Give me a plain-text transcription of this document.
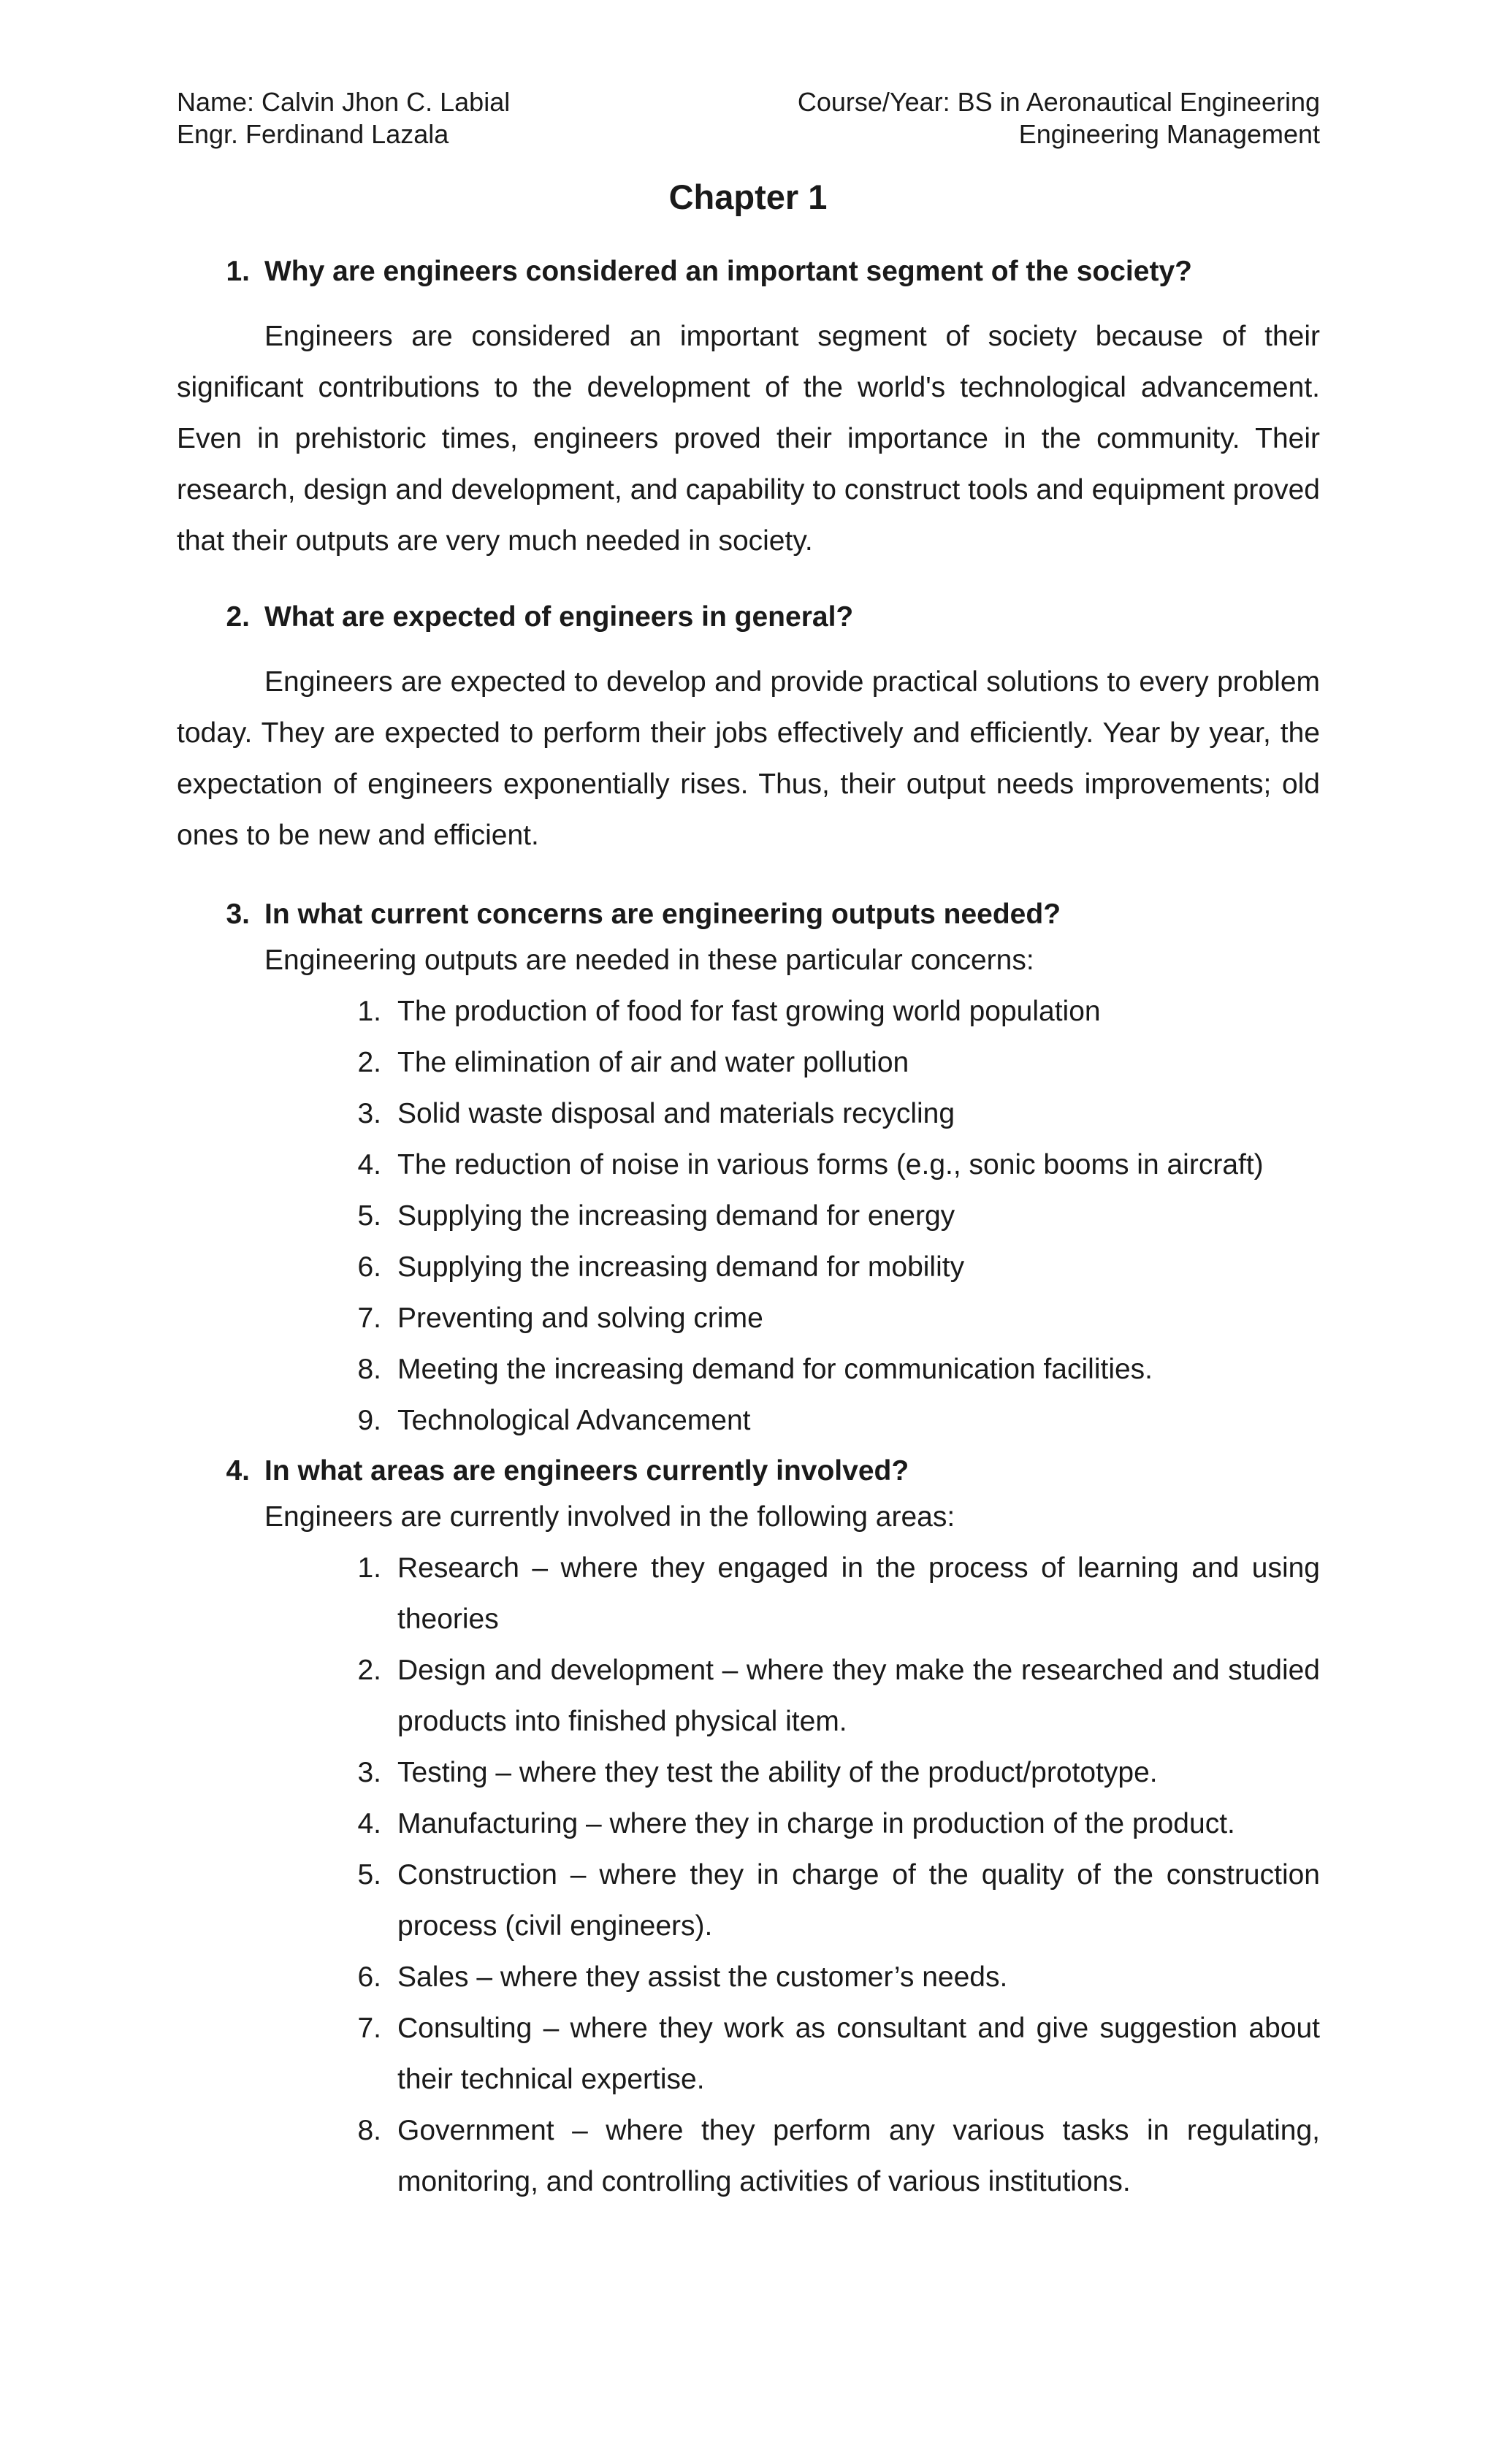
Name: Calvin Jhon C. Labial	Course/Year: BS in Aeronautical Engineering
Engr. Ferdinand Lazala	Engineering Management
Chapter 1
1. Why are engineers considered an important segment of the society?

Engineers are considered an important segment of society because of their significant contributions to the development of the world's technological advancement. Even in prehistoric times, engineers proved their importance in the community. Their research, design and development, and capability to construct tools and equipment proved that their outputs are very much needed in society.

2. What are expected of engineers in general?

Engineers are expected to develop and provide practical solutions to every problem today. They are expected to perform their jobs effectively and efficiently. Year by year, the expectation of engineers exponentially rises. Thus, their output needs improvements; old ones to be new and efficient.

3. In what current concerns are engineering outputs needed?
Engineering outputs are needed in these particular concerns:
1. The production of food for fast growing world population
2. The elimination of air and water pollution
3. Solid waste disposal and materials recycling
4. The reduction of noise in various forms (e.g., sonic booms in aircraft)
5. Supplying the increasing demand for energy
6. Supplying the increasing demand for mobility
7. Preventing and solving crime
8. Meeting the increasing demand for communication facilities.
9. Technological Advancement
4. In what areas are engineers currently involved?
Engineers are currently involved in the following areas:
1. Research – where they engaged in the process of learning and using theories
2. Design and development – where they make the researched and studied products into finished physical item.
3. Testing – where they test the ability of the product/prototype.
4. Manufacturing – where they in charge in production of the product.
5. Construction – where they in charge of the quality of the construction process (civil engineers).
6. Sales – where they assist the customer’s needs.
7. Consulting – where they work as consultant and give suggestion about their technical expertise.
8. Government – where they perform any various tasks in regulating, monitoring, and controlling activities of various institutions.
